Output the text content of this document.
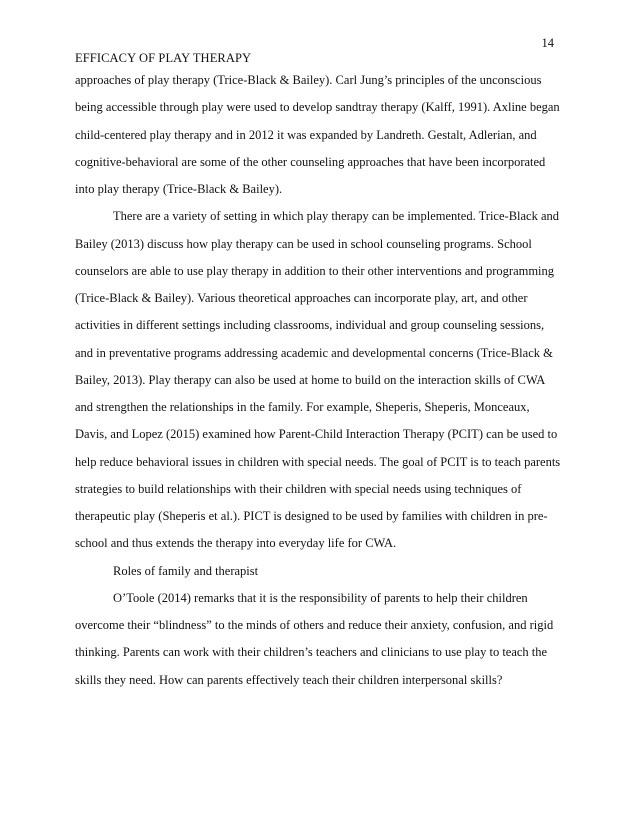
14
EFFICACY OF PLAY THERAPY
approaches of play therapy (Trice-Black & Bailey). Carl Jung’s principles of the unconscious
being accessible through play were used to develop sandtray therapy (Kalff, 1991). Axline began
child-centered play therapy and in 2012 it was expanded by Landreth. Gestalt, Adlerian, and
cognitive-behavioral are some of the other counseling approaches that have been incorporated
into play therapy (Trice-Black & Bailey).
There are a variety of setting in which play therapy can be implemented. Trice-Black and
Bailey (2013) discuss how play therapy can be used in school counseling programs. School
counselors are able to use play therapy in addition to their other interventions and programming
(Trice-Black & Bailey). Various theoretical approaches can incorporate play, art, and other
activities in different settings including classrooms, individual and group counseling sessions,
and in preventative programs addressing academic and developmental concerns (Trice-Black &
Bailey, 2013). Play therapy can also be used at home to build on the interaction skills of CWA
and strengthen the relationships in the family. For example, Sheperis, Sheperis, Monceaux,
Davis, and Lopez (2015) examined how Parent-Child Interaction Therapy (PCIT) can be used to
help reduce behavioral issues in children with special needs. The goal of PCIT is to teach parents
strategies to build relationships with their children with special needs using techniques of
therapeutic play (Sheperis et al.). PICT is designed to be used by families with children in pre-
school and thus extends the therapy into everyday life for CWA.
Roles of family and therapist
O’Toole (2014) remarks that it is the responsibility of parents to help their children
overcome their “blindness” to the minds of others and reduce their anxiety, confusion, and rigid
thinking. Parents can work with their children’s teachers and clinicians to use play to teach the
skills they need. How can parents effectively teach their children interpersonal skills?
